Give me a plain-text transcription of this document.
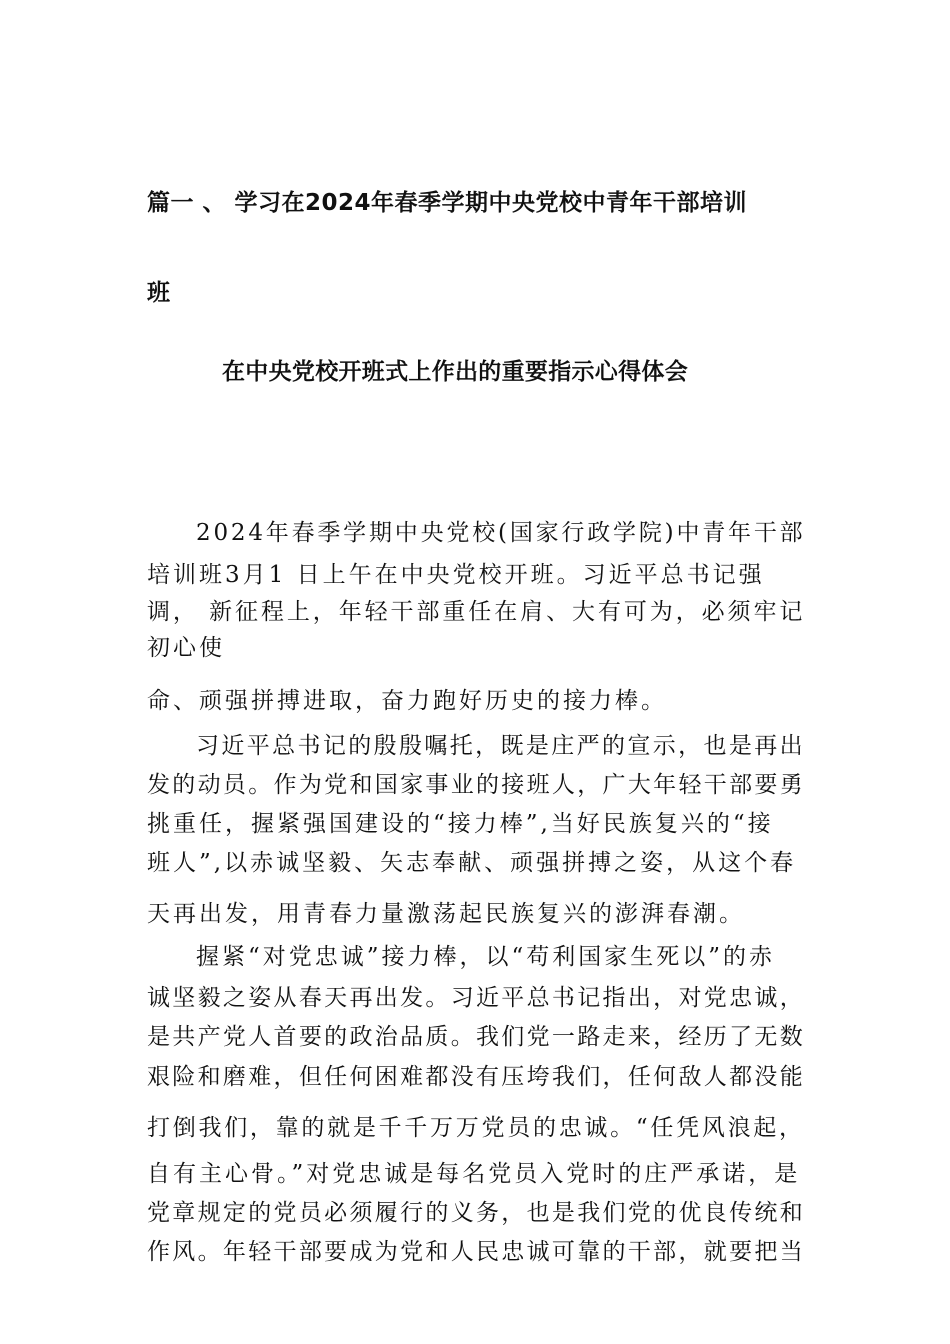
篇一 、 学习在2024年春季学期中央党校中青年干部培训
班
在中央党校开班式上作出的重要指示心得体会
2024年春季学期中央党校(国家行政学院)中青年干部
培训班3月1 日上午在中央党校开班。习近平总书记强
调， 新征程上，年轻干部重任在肩、大有可为，必须牢记
初心使
命、顽强拼搏进取，奋力跑好历史的接力棒。
习近平总书记的殷殷嘱托，既是庄严的宣示，也是再出
发的动员。作为党和国家事业的接班人，广大年轻干部要勇
挑重任，握紧强国建设的“接力棒”,当好民族复兴的“接
班人”,以赤诚坚毅、矢志奉献、顽强拼搏之姿，从这个春
天再出发，用青春力量激荡起民族复兴的澎湃春潮。
握紧“对党忠诚”接力棒，以“苟利国家生死以”的赤
诚坚毅之姿从春天再出发。习近平总书记指出，对党忠诚，
是共产党人首要的政治品质。我们党一路走来，经历了无数
艰险和磨难，但任何困难都没有压垮我们，任何敌人都没能
打倒我们，靠的就是千千万万党员的忠诚。“任凭风浪起，
自有主心骨。”对党忠诚是每名党员入党时的庄严承诺，是
党章规定的党员必须履行的义务，也是我们党的优良传统和
作风。年轻干部要成为党和人民忠诚可靠的干部，就要把当
